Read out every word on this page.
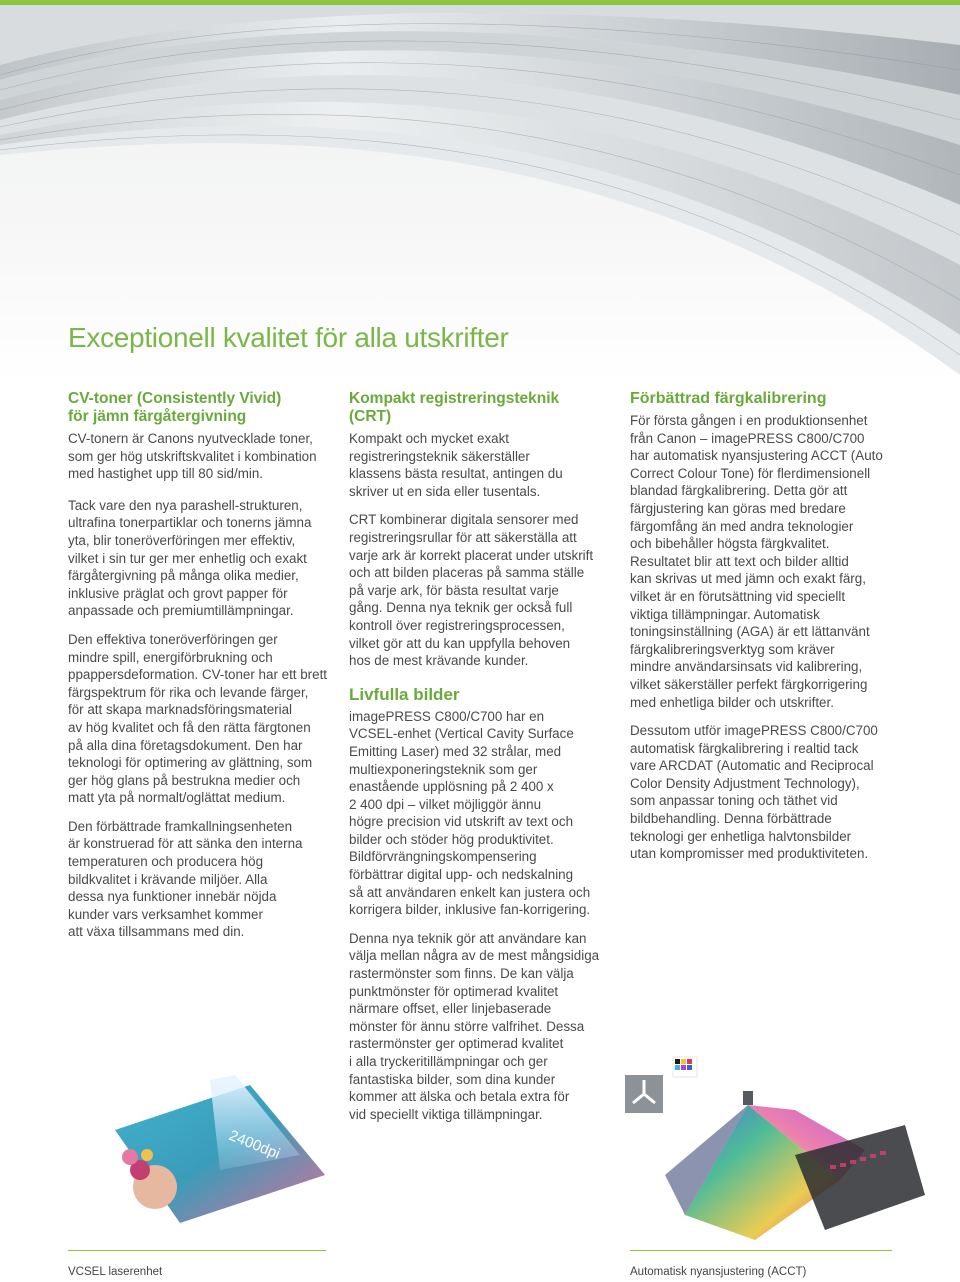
Exceptionell kvalitet för alla utskrifter
CV-toner (Consistently Vivid)
för jämn färgåtergivning

CV-tonern är Canons nyutvecklade toner,
som ger hög utskriftskvalitet i kombination
med hastighet upp till 80 sid/min.

Tack vare den nya parashell-strukturen,
ultrafina tonerpartiklar och tonerns jämna
yta, blir toneröverföringen mer effektiv,
vilket i sin tur ger mer enhetlig och exakt
färgåtergivning på många olika medier,
inklusive präglat och grovt papper för
anpassade och premiumtillämpningar.

Den effektiva toneröverföringen ger
mindre spill, energiförbrukning och
ppappersdeformation. CV-toner har ett brett
färgspektrum för rika och levande färger,
för att skapa marknadsföringsmaterial
av hög kvalitet och få den rätta färgtonen
på alla dina företagsdokument. Den har
teknologi för optimering av glättning, som
ger hög glans på bestrukna medier och
matt yta på normalt/oglättat medium.

Den förbättrade framkallningsenheten
är konstruerad för att sänka den interna
temperaturen och producera hög
bildkvalitet i krävande miljöer. Alla
dessa nya funktioner innebär nöjda
kunder vars verksamhet kommer
att växa tillsammans med din.

Kompakt registreringsteknik (CRT)

Kompakt och mycket exakt
registreringsteknik säkerställer
klassens bästa resultat, antingen du
skriver ut en sida eller tusentals.

CRT kombinerar digitala sensorer med
registreringsrullar för att säkerställa att
varje ark är korrekt placerat under utskrift
och att bilden placeras på samma ställe
på varje ark, för bästa resultat varje
gång. Denna nya teknik ger också full
kontroll över registreringsprocessen,
vilket gör att du kan uppfylla behoven
hos de mest krävande kunder.

Livfulla bilder

imagePRESS C800/C700 har en
VCSEL-enhet (Vertical Cavity Surface
Emitting Laser) med 32 strålar, med
multiexponeringsteknik som ger
enastående upplösning på 2 400 x
2 400 dpi – vilket möjliggör ännu
högre precision vid utskrift av text och
bilder och stöder hög produktivitet.
Bildförvrängningskompensering
förbättrar digital upp- och nedskalning
så att användaren enkelt kan justera och
korrigera bilder, inklusive fan-korrigering.

Denna nya teknik gör att användare kan
välja mellan några av de mest mångsidiga
rastermönster som finns. De kan välja
punktmönster för optimerad kvalitet
närmare offset, eller linjebaserade
mönster för ännu större valfrihet. Dessa
rastermönster ger optimerad kvalitet
i alla tryckeritillämpningar och ger
fantastiska bilder, som dina kunder
kommer att älska och betala extra för
vid speciellt viktiga tillämpningar.

Förbättrad färgkalibrering

För första gången i en produktionsenhet
från Canon – imagePRESS C800/C700
har automatisk nyansjustering ACCT (Auto
Correct Colour Tone) för flerdimensionell
blandad färgkalibrering. Detta gör att
färgjustering kan göras med bredare
färgomfång än med andra teknologier
och bibehåller högsta färgkvalitet.
Resultatet blir att text och bilder alltid
kan skrivas ut med jämn och exakt färg,
vilket är en förutsättning vid speciellt
viktiga tillämpningar. Automatisk
toningsinställning (AGA) är ett lättanvänt
färgkalibreringsverktyg som kräver
mindre användarsinsats vid kalibrering,
vilket säkerställer perfekt färgkorrigering
med enhetliga bilder och utskrifter.

Dessutom utför imagePRESS C800/C700
automatisk färgkalibrering i realtid tack
vare ARCDAT (Automatic and Reciprocal
Color Density Adjustment Technology),
som anpassar toning och täthet vid
bildbehandling. Denna förbättrade
teknologi ger enhetliga halvtonsbilder
utan kompromisser med produktiviteten.

2400dpi

VCSEL laserenhet	Automatisk nyansjustering (ACCT)
